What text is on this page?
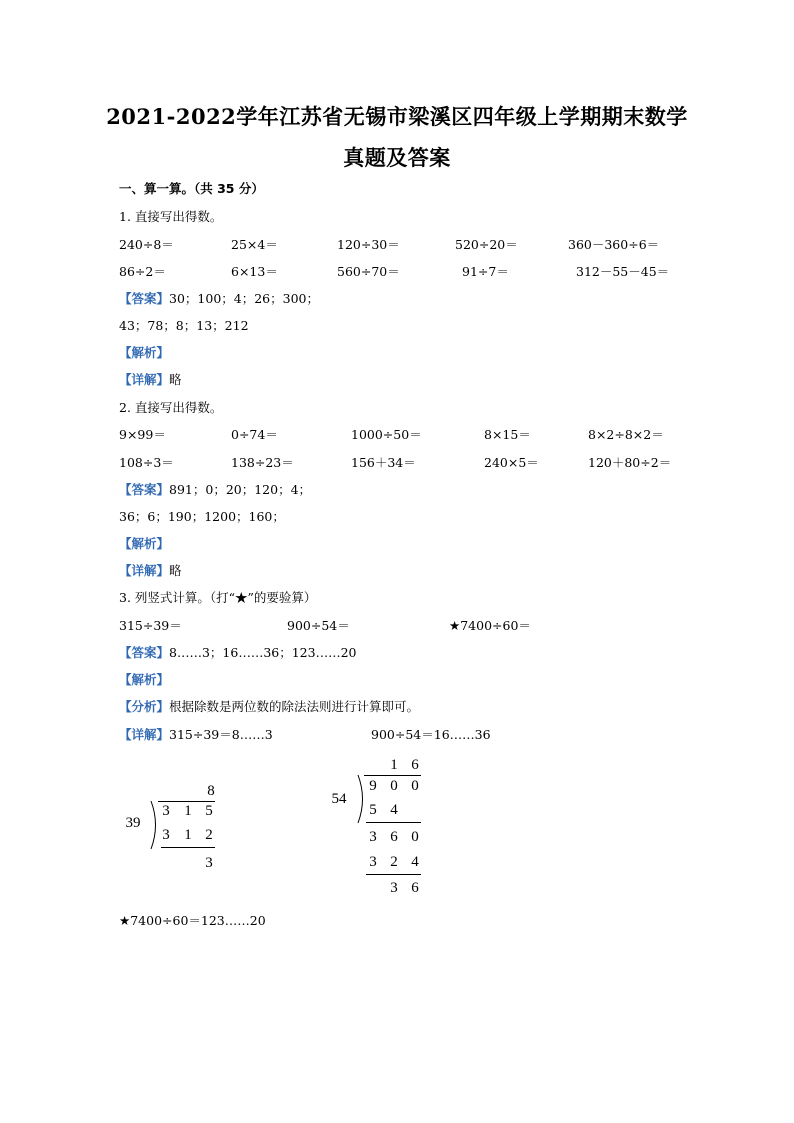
2021-2022学年江苏省无锡市梁溪区四年级上学期期末数学
真题及答案
一、算一算。（共 35 分）
1. 直接写出得数。
240÷8＝	25×4＝	120÷30＝	520÷20＝	360－360÷6＝
86÷2＝	6×13＝	560÷70＝	91÷7＝	312－55－45＝
【答案】30；100；4；26；300；
43；78；8；13；212
【解析】
【详解】略
2. 直接写出得数。
9×99＝	0÷74＝	1000÷50＝	8×15＝	8×2÷8×2＝
108÷3＝	138÷23＝	156＋34＝	240×5＝	120＋80÷2＝
【答案】891；0；20；120；4；
36；6；190；1200；160；
【解析】
【详解】略
3. 列竖式计算。（打“★”的要验算）
315÷39＝	900÷54＝	★7400÷60＝
【答案】8……3；16……36；123……20
【解析】
【分析】根据除数是两位数的除法法则进行计算即可。
【详解】315÷39＝8……3	900÷54＝16……36
8
39
3 1 5
3 1 2
3
1 6
54
9 0 0
5 4
3 6 0
3 2 4
3 6
★7400÷60＝123……20
